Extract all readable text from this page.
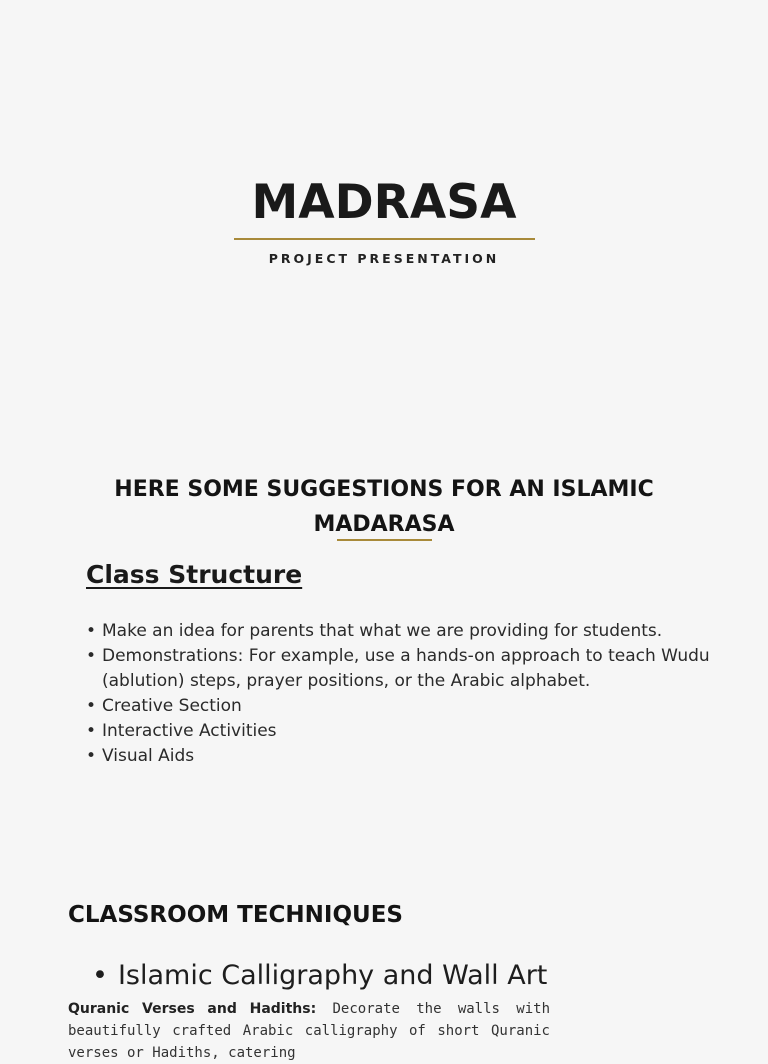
MADRASA
PROJECT PRESENTATION
HERE SOME SUGGESTIONS FOR AN ISLAMIC MADARASA
Class Structure
• Make an idea for parents that what we are providing for students.
• Demonstrations: For example, use a hands-on approach to teach Wudu (ablution) steps, prayer positions, or the Arabic alphabet.
• Creative Section
• Interactive Activities
• Visual Aids
CLASSROOM TECHNIQUES
• Islamic Calligraphy and Wall Art

Quranic Verses and Hadiths: Decorate the walls with beautifully crafted Arabic calligraphy of short Quranic verses or Hadiths, catering
